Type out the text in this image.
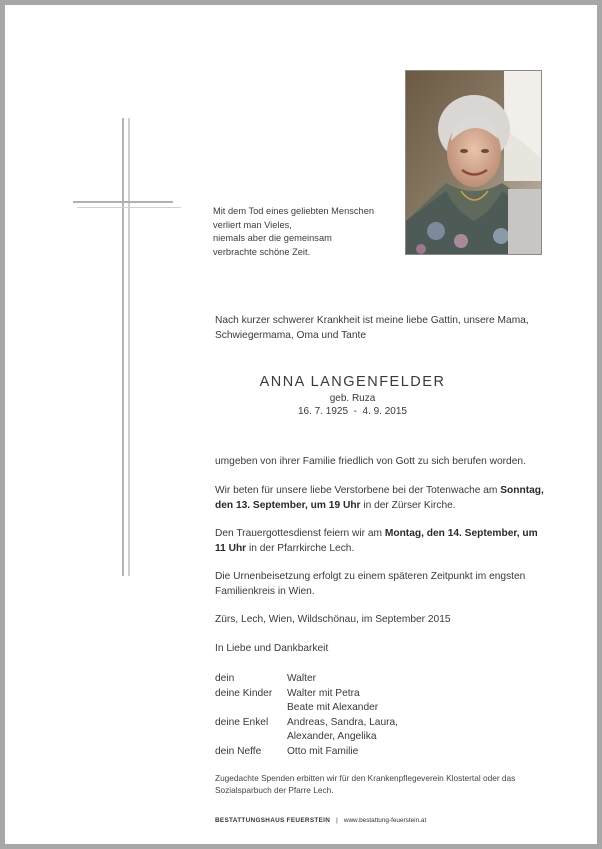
Mit dem Tod eines geliebten Menschen
verliert man Vieles,
niemals aber die gemeinsam
verbrachte schöne Zeit.
Nach kurzer schwerer Krankheit ist meine liebe Gattin, unsere Mama, Schwiegermama, Oma und Tante
ANNA LANGENFELDER
geb. Ruza
16. 7. 1925  -  4. 9. 2015
umgeben von ihrer Familie friedlich von Gott zu sich berufen worden.
Wir beten für unsere liebe Verstorbene bei der Totenwache am Sonntag, den 13. September, um 19 Uhr in der Zürser Kirche.
Den Trauergottesdienst feiern wir am Montag, den 14. September, um 11 Uhr in der Pfarrkirche Lech.
Die Urnenbeisetzung erfolgt zu einem späteren Zeitpunkt im engsten Familienkreis in Wien.
Zürs, Lech, Wien, Wildschönau, im September 2015
In Liebe und Dankbarkeit
dein	Walter
deine Kinder	Walter mit Petra
	Beate mit Alexander
deine Enkel	Andreas, Sandra, Laura,
	Alexander, Angelika
dein Neffe	Otto mit Familie
Zugedachte Spenden erbitten wir für den Krankenpflegeverein Klostertal oder das Sozialsparbuch der Pfarre Lech.
BESTATTUNGSHAUS FEUERSTEIN | www.bestattung-feuerstein.at
